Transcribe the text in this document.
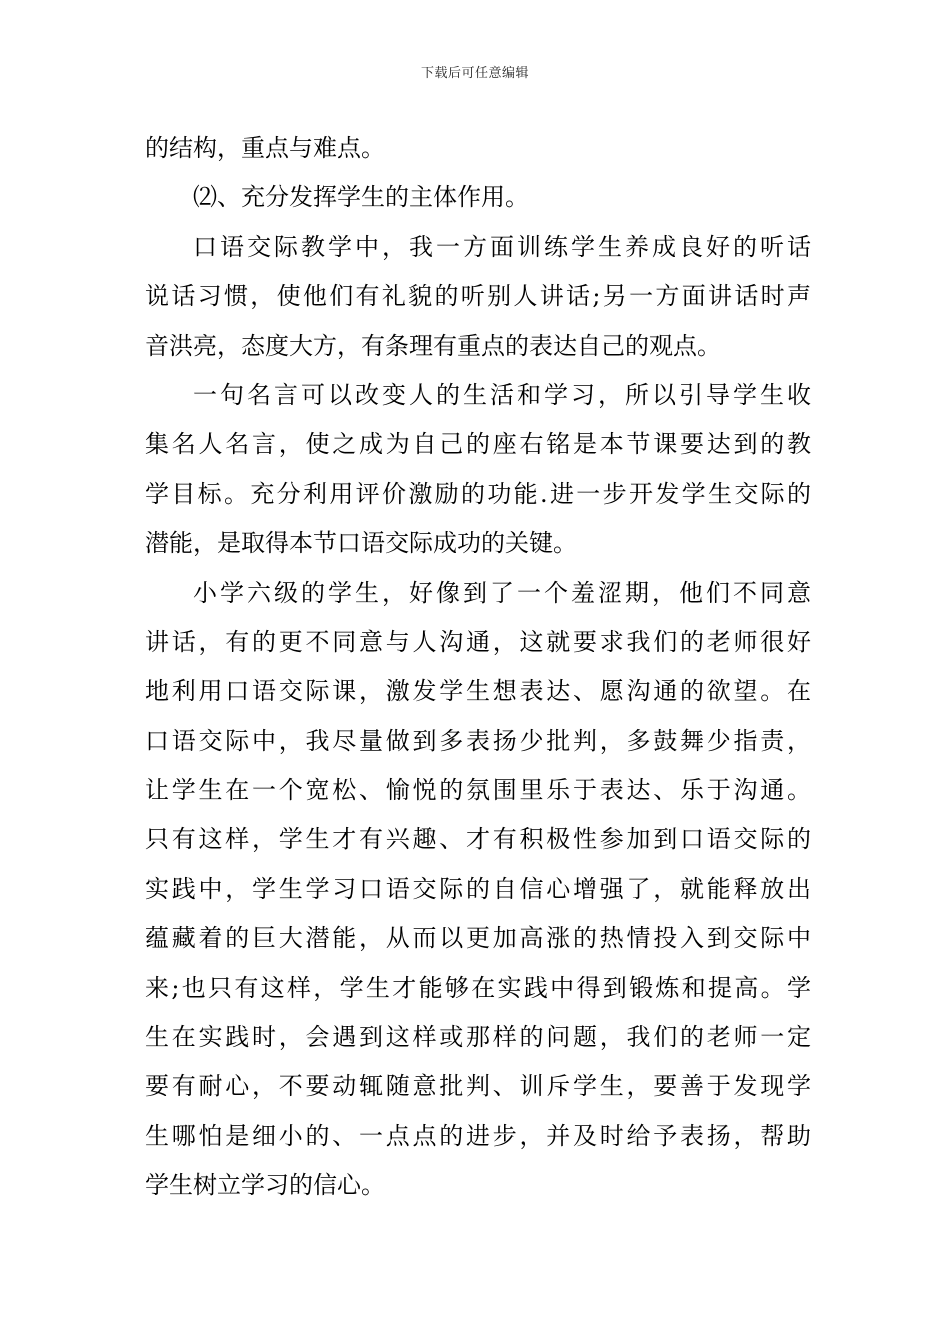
下载后可任意编辑
的结构，重点与难点。
⑵、充分发挥学生的主体作用。
口语交际教学中，我一方面训练学生养成良好的听话
说话习惯，使他们有礼貌的听别人讲话;另一方面讲话时声
音洪亮，态度大方，有条理有重点的表达自己的观点。
一句名言可以改变人的生活和学习，所以引导学生收
集名人名言，使之成为自己的座右铭是本节课要达到的教
学目标。充分利用评价激励的功能.进一步开发学生交际的
潜能，是取得本节口语交际成功的关键。
小学六级的学生，好像到了一个羞涩期，他们不同意
讲话，有的更不同意与人沟通，这就要求我们的老师很好
地利用口语交际课，激发学生想表达、愿沟通的欲望。在
口语交际中，我尽量做到多表扬少批判，多鼓舞少指责，
让学生在一个宽松、愉悦的氛围里乐于表达、乐于沟通。
只有这样，学生才有兴趣、才有积极性参加到口语交际的
实践中，学生学习口语交际的自信心增强了，就能释放出
蕴藏着的巨大潜能，从而以更加高涨的热情投入到交际中
来;也只有这样，学生才能够在实践中得到锻炼和提高。学
生在实践时，会遇到这样或那样的问题，我们的老师一定
要有耐心，不要动辄随意批判、训斥学生，要善于发现学
生哪怕是细小的、一点点的进步，并及时给予表扬，帮助
学生树立学习的信心。
